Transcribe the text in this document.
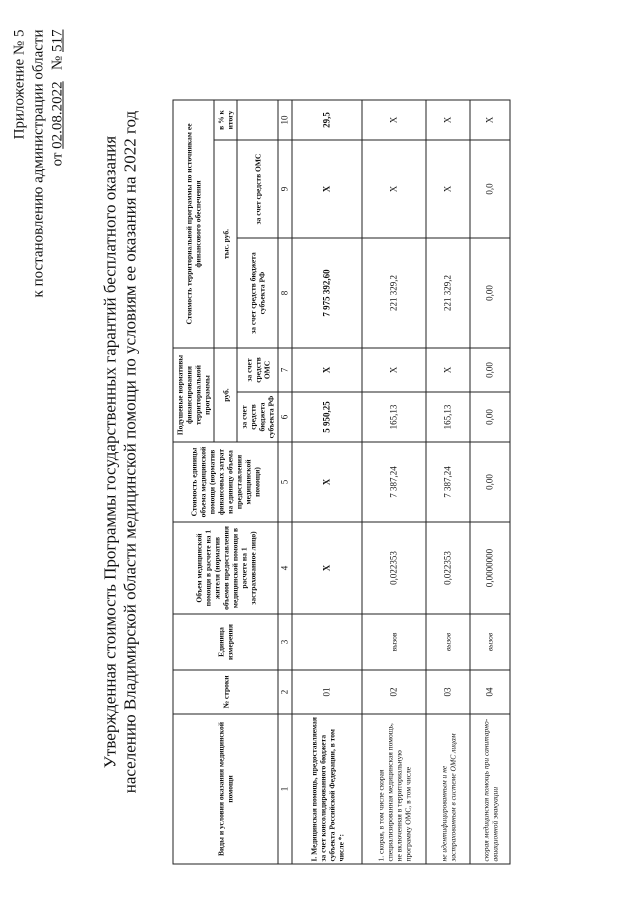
Приложение № 5 к постановлению администрации области от 02.08.2022   № 517
Утвержденная стоимость Программы государственных гарантий бесплатного оказания населению Владимирской области медицинской помощи по условиям ее оказания на 2022 год	Виды и условия оказания медицинской помощи	№ строки	Единица измерения	Объем медицинской помощи в расчете на 1 жителя (норматив объемов предоставления медицинской помощи в расчете на 1 застрахованное лицо)	Стоимость единицы объема медицинской помощи (норматив финансовых затрат на единицу объема предоставления медицинской помощи)	Подушевые нормативы финансирования территориальной программы		Стоимость территориальной программы по источникам ее финансового обеспечения		
					руб.		тыс. руб.		в % к итогу
					за счет средств бюджета субъекта РФ	за счет средств ОМС	за счет средств бюджета субъекта РФ	за счет средств ОМС	
1	2	3	4	5	6	7	8	9	10
I. Медицинская помощь, предоставляемая за счет консолидированного бюджета субъекта Российской Федерации, в том числе *:	01		Х	Х	5 950,25	Х	7 975 392,60	Х	29,5
1. скорая, в том числе скорая специализированная медицинская помощь, не включенная в территориальную программу ОМС, в том числе	02	вызов	0,022353	7 387,24	165,13	Х	221 329,2	Х	Х
не идентифицированным и не застрахованным в системе ОМС лицам	03	вызов	0,022353	7 387,24	165,13	Х	221 329,2	Х	Х
скорая медицинская помощь при санитарно-авиационной эвакуации	04	вызов	0,0000000	0,00	0,00	0,00	0,00	0,0	Х
